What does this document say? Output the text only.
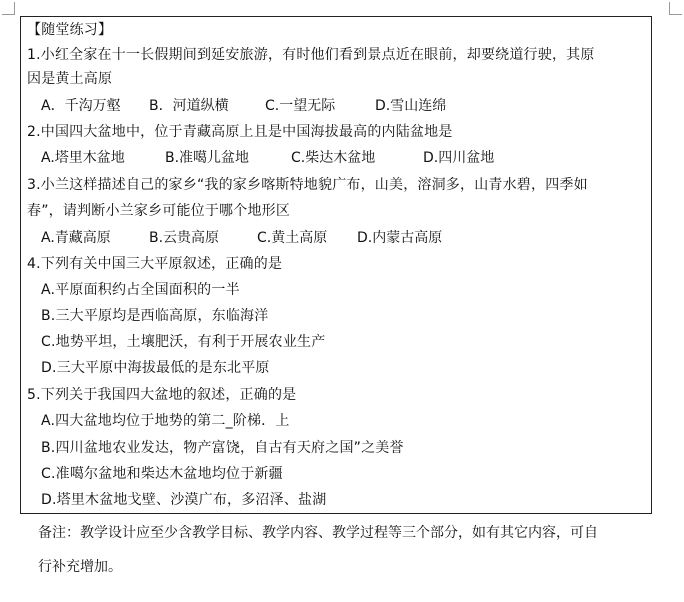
【随堂练习】
1.小红全家在十一长假期间到延安旅游，有时他们看到景点近在眼前，却要绕道行驶，其原
因是黄土高原
A．千沟万壑 B．河道纵横	C.一望无际	D.雪山连绵
2.中国四大盆地中，位于青藏高原上且是中国海拔最高的内陆盆地是
A.塔里木盆地	B.准噶儿盆地	C.柴达木盆地	D.四川盆地
3.小兰这样描述自己的家乡“我的家乡喀斯特地貌广布，山美，溶洞多，山青水碧，四季如
春”，请判断小兰家乡可能位于哪个地形区
A.青藏高原	B.云贵高原	C.黄土高原 D.内蒙古高原
4.下列有关中国三大平原叙述，正确的是
A.平原面积约占全国面积的一半
B.三大平原均是西临高原，东临海洋
C.地势平坦，土壤肥沃，有利于开展农业生产
D.三大平原中海拔最低的是东北平原
5.下列关于我国四大盆地的叙述，正确的是
A.四大盆地均位于地势的第二_阶梯．上
B.四川盆地农业发达，物产富饶，自古有天府之国”之美誉
C.准噶尔盆地和柴达木盆地均位于新疆
D.塔里木盆地戈壁、沙漠广布，多沼泽、盐湖
备注：教学设计应至少含教学目标、教学内容、教学过程等三个部分，如有其它内容，可自
行补充增加。
